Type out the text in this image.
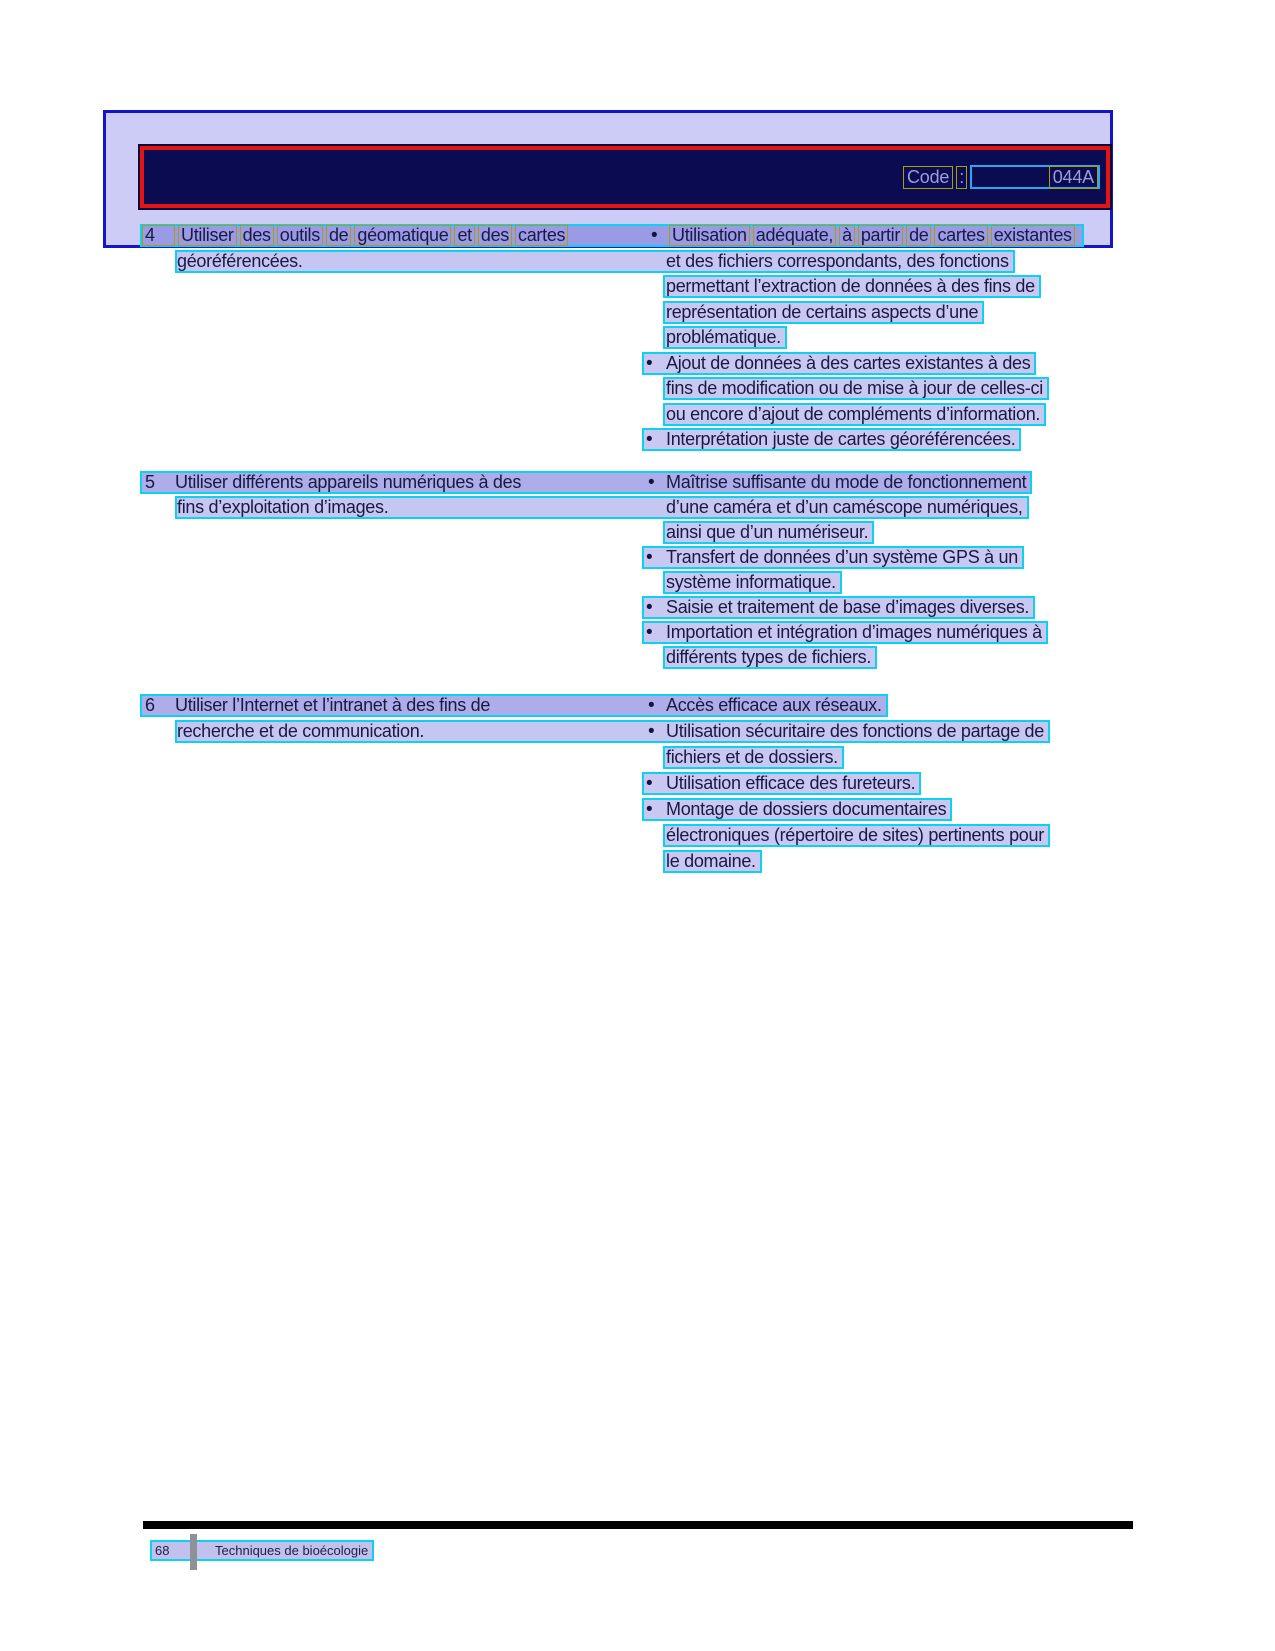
Code :	044A
4	Utiliser des outils de géomatique et des cartes	• Utilisation adéquate, à partir de cartes existantes
géoréférencées.	et des fichiers correspondants, des fonctions
permettant l’extraction de données à des fins de
représentation de certains aspects d’une
problématique.
• Ajout de données à des cartes existantes à des
fins de modification ou de mise à jour de celles-ci
ou encore d’ajout de compléments d’information.
• Interprétation juste de cartes géoréférencées.
5	Utiliser différents appareils numériques à des	• Maîtrise suffisante du mode de fonctionnement
fins d’exploitation d’images.	d’une caméra et d’un caméscope numériques,
ainsi que d’un numériseur.
• Transfert de données d’un système GPS à un
système informatique.
• Saisie et traitement de base d’images diverses.
• Importation et intégration d’images numériques à
différents types de fichiers.
6	Utiliser l’Internet et l’intranet à des fins de	• Accès efficace aux réseaux.
recherche et de communication.	• Utilisation sécuritaire des fonctions de partage de
fichiers et de dossiers.
• Utilisation efficace des fureteurs.
• Montage de dossiers documentaires
électroniques (répertoire de sites) pertinents pour
le domaine.
68	Techniques de bioécologie
